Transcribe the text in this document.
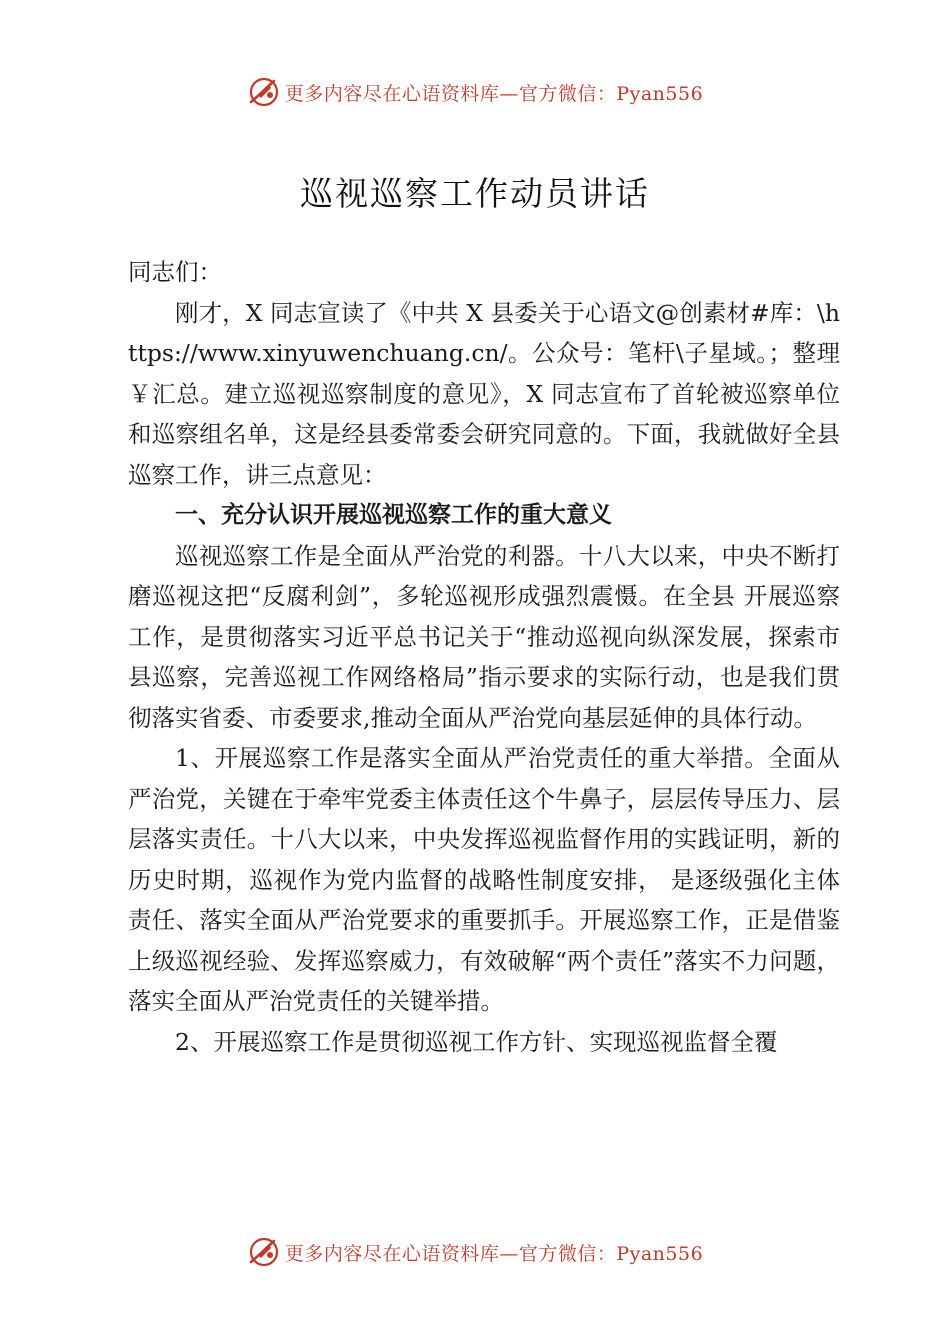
更多内容尽在心语资料库—官方微信：Pyan556
巡视巡察工作动员讲话

同志们：

刚才，X 同志宣读了《中共 X 县委关于心语文@创素材#库：\https://www.xinyuwenchuang.cn/。公众号：笔杆\子星域。；整理￥汇总。建立巡视巡察制度的意见》，X 同志宣布了首轮被巡察单位和巡察组名单，这是经县委常委会研究同意的。下面，我就做好全县巡察工作，讲三点意见：

一、充分认识开展巡视巡察工作的重大意义

巡视巡察工作是全面从严治党的利器。十八大以来，中央不断打磨巡视这把“反腐利剑”，多轮巡视形成强烈震慑。在全县 开展巡察工作，是贯彻落实习近平总书记关于“推动巡视向纵深发展，探索市县巡察，完善巡视工作网络格局”指示要求的实际行动，也是我们贯彻落实省委、市委要求,推动全面从严治党向基层延伸的具体行动。

1、开展巡察工作是落实全面从严治党责任的重大举措。全面从严治党，关键在于牵牢党委主体责任这个牛鼻子，层层传导压力、层层落实责任。十八大以来，中央发挥巡视监督作用的实践证明，新的历史时期，巡视作为党内监督的战略性制度安排， 是逐级强化主体责任、落实全面从严治党要求的重要抓手。开展巡察工作，正是借鉴上级巡视经验、发挥巡察威力，有效破解“两个责任”落实不力问题，落实全面从严治党责任的关键举措。

2、开展巡察工作是贯彻巡视工作方针、实现巡视监督全覆

更多内容尽在心语资料库—官方微信：Pyan556
